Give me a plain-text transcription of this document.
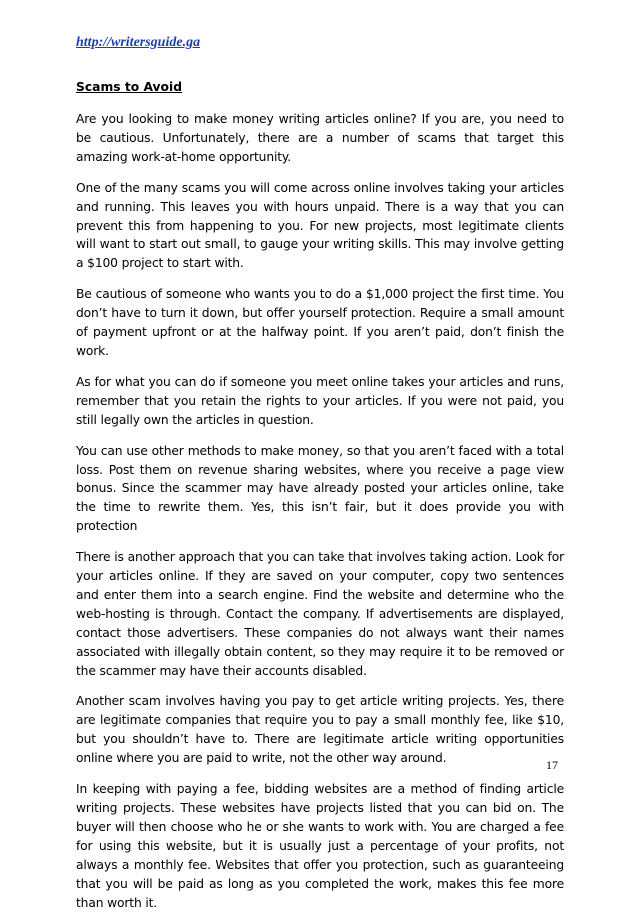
http://writersguide.ga
Scams to Avoid

Are you looking to make money writing articles online? If you are, you need to be cautious. Unfortunately, there are a number of scams that target this amazing work-at-home opportunity.

One of the many scams you will come across online involves taking your articles and running. This leaves you with hours unpaid. There is a way that you can prevent this from happening to you. For new projects, most legitimate clients will want to start out small, to gauge your writing skills. This may involve getting a $100 project to start with.

Be cautious of someone who wants you to do a $1,000 project the first time. You don’t have to turn it down, but offer yourself protection. Require a small amount of payment upfront or at the halfway point. If you aren’t paid, don’t finish the work.

As for what you can do if someone you meet online takes your articles and runs, remember that you retain the rights to your articles. If you were not paid, you still legally own the articles in question.

You can use other methods to make money, so that you aren’t faced with a total loss. Post them on revenue sharing websites, where you receive a page view bonus. Since the scammer may have already posted your articles online, take the time to rewrite them. Yes, this isn’t fair, but it does provide you with protection

There is another approach that you can take that involves taking action. Look for your articles online. If they are saved on your computer, copy two sentences and enter them into a search engine. Find the website and determine who the web-hosting is through. Contact the company. If advertisements are displayed, contact those advertisers. These companies do not always want their names associated with illegally obtain content, so they may require it to be removed or the scammer may have their accounts disabled.

Another scam involves having you pay to get article writing projects. Yes, there are legitimate companies that require you to pay a small monthly fee, like $10, but you shouldn’t have to. There are legitimate article writing opportunities online where you are paid to write, not the other way around.

In keeping with paying a fee, bidding websites are a method of finding article writing projects. These websites have projects listed that you can bid on. The buyer will then choose who he or she wants to work with. You are charged a fee for using this website, but it is usually just a percentage of your profits, not always a monthly fee. Websites that offer you protection, such as guaranteeing that you will be paid as long as you completed the work, makes this fee more than worth it.

17
